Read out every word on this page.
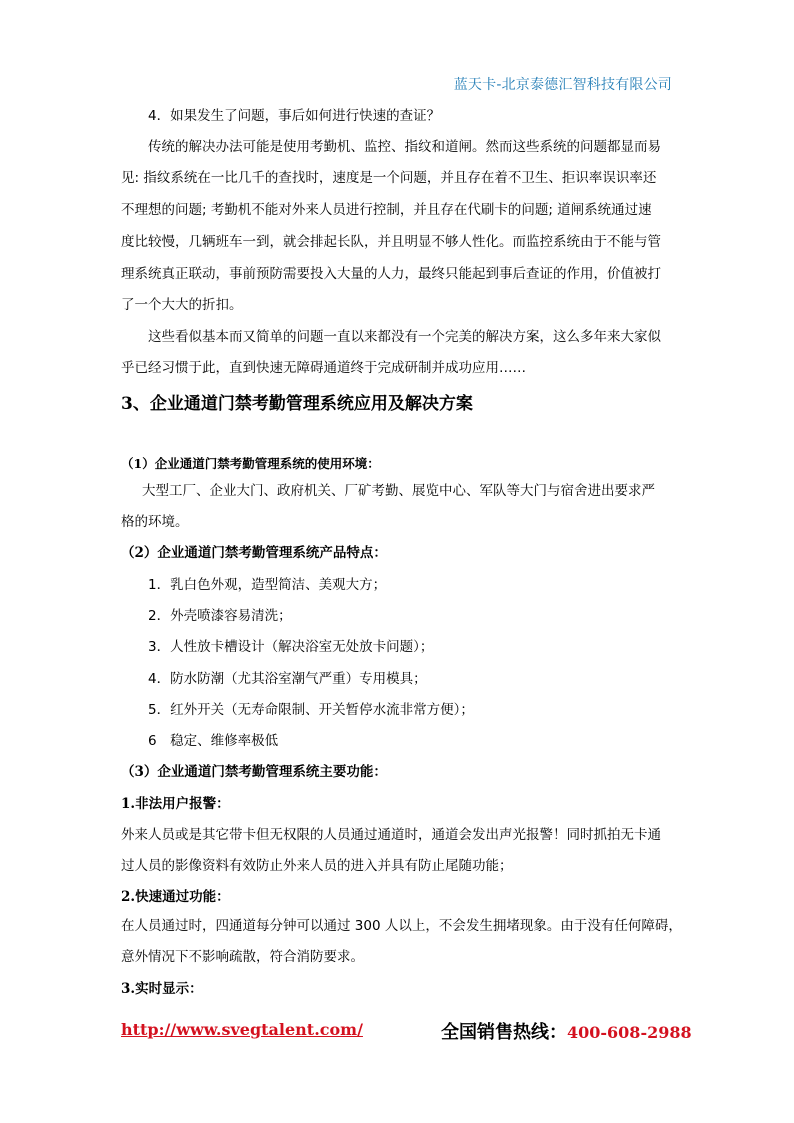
蓝天卡-北京泰德汇智科技有限公司
4．如果发生了问题，事后如何进行快速的查证？
传统的解决办法可能是使用考勤机、监控、指纹和道闸。然而这些系统的问题都显而易
见: 指纹系统在一比几千的查找时，速度是一个问题，并且存在着不卫生、拒识率误识率还
不理想的问题; 考勤机不能对外来人员进行控制，并且存在代刷卡的问题; 道闸系统通过速
度比较慢，几辆班车一到，就会排起长队，并且明显不够人性化。而监控系统由于不能与管
理系统真正联动，事前预防需要投入大量的人力，最终只能起到事后查证的作用，价值被打
了一个大大的折扣。
这些看似基本而又简单的问题一直以来都没有一个完美的解决方案，这么多年来大家似
乎已经习惯于此，直到快速无障碍通道终于完成研制并成功应用……
3、企业通道门禁考勤管理系统应用及解决方案
（1）企业通道门禁考勤管理系统的使用环境：
大型工厂、企业大门、政府机关、厂矿考勤、展览中心、军队等大门与宿舍进出要求严
格的环境。
（2）企业通道门禁考勤管理系统产品特点：
1．乳白色外观，造型简洁、美观大方；
2．外壳喷漆容易清洗；
3．人性放卡槽设计（解决浴室无处放卡问题）；
4．防水防潮（尤其浴室潮气严重）专用模具；
5．红外开关（无寿命限制、开关暂停水流非常方便）；
6　稳定、维修率极低
（3）企业通道门禁考勤管理系统主要功能：
1.非法用户报警：
外来人员或是其它带卡但无权限的人员通过通道时，通道会发出声光报警！同时抓拍无卡通
过人员的影像资料有效防止外来人员的进入并具有防止尾随功能；
2.快速通过功能：
在人员通过时，四通道每分钟可以通过 300 人以上，不会发生拥堵现象。由于没有任何障碍，
意外情况下不影响疏散，符合消防要求。
3.实时显示：
http://www.svegtalent.com/	全国销售热线：400-608-2988
